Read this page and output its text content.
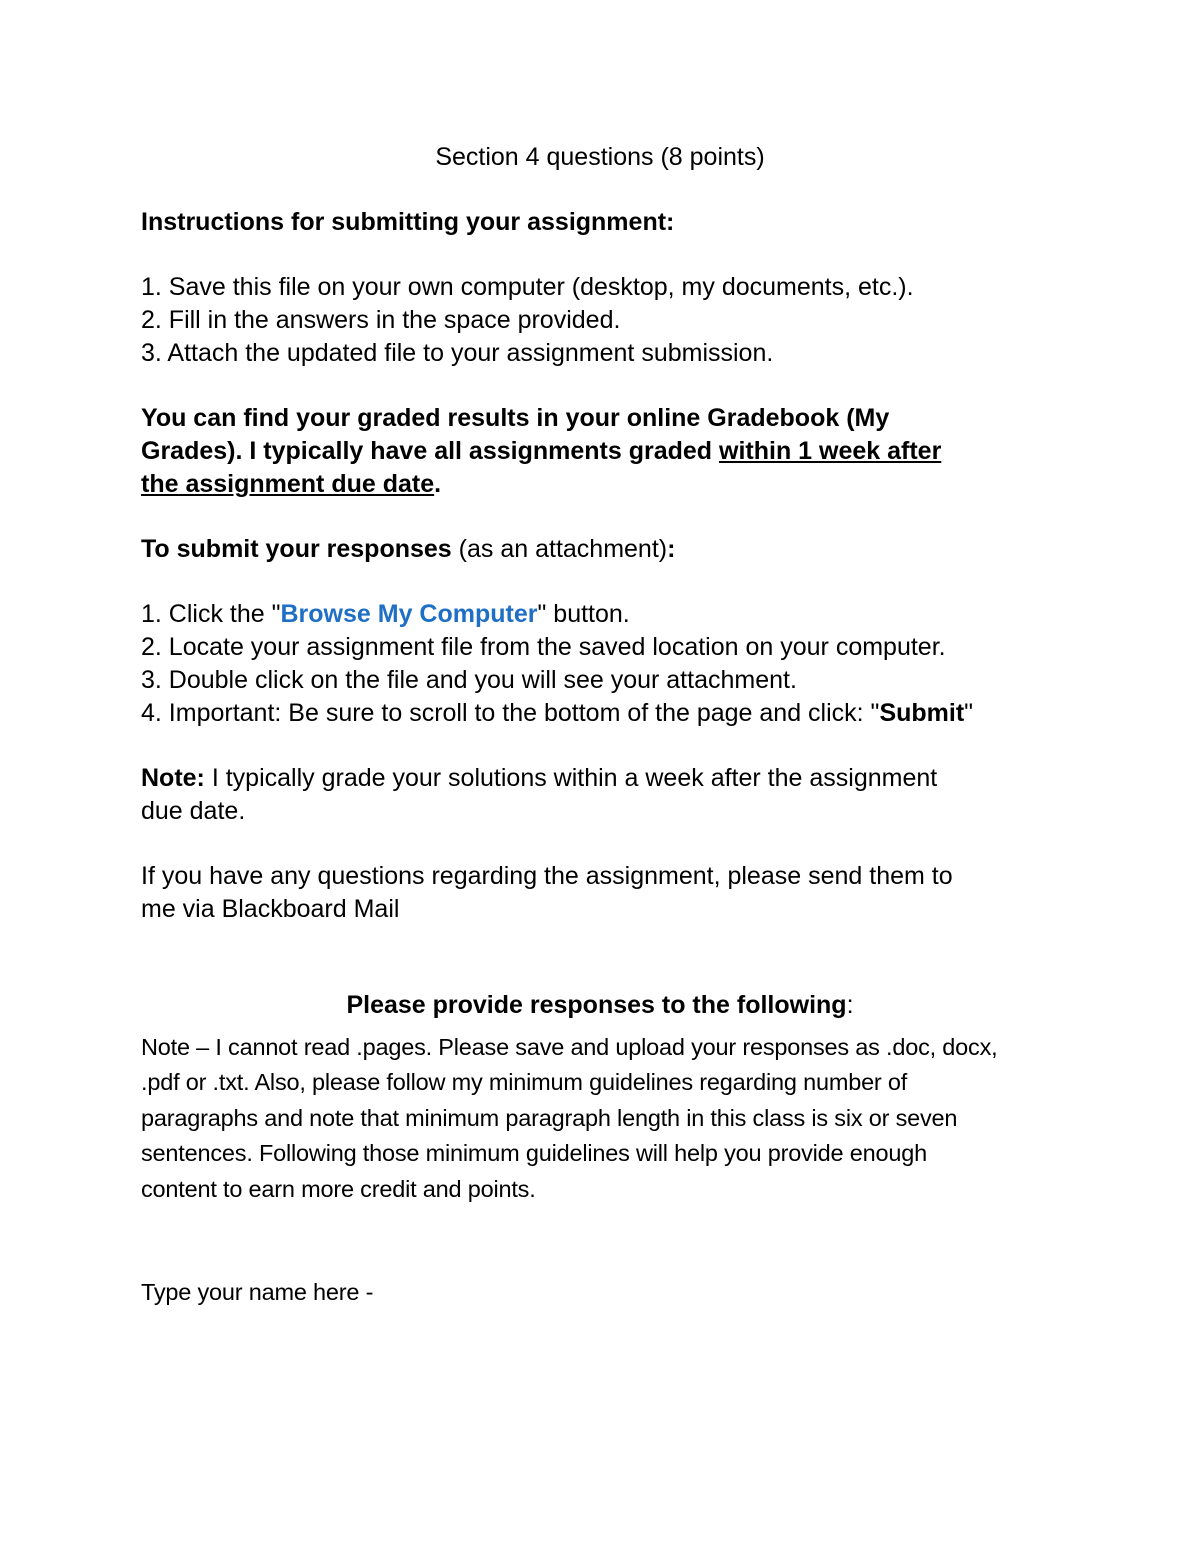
Section 4 questions (8 points)

Instructions for submitting your assignment:

1. Save this file on your own computer (desktop, my documents, etc.).

2. Fill in the answers in the space provided.

3. Attach the updated file to your assignment submission.

You can find your graded results in your online Gradebook (My

Grades). I typically have all assignments graded within 1 week after

the assignment due date.

To submit your responses (as an attachment):

1. Click the "Browse My Computer" button.

2. Locate your assignment file from the saved location on your computer.

3. Double click on the file and you will see your attachment.

4. Important: Be sure to scroll to the bottom of the page and click: "Submit"

Note: I typically grade your solutions within a week after the assignment

due date.

If you have any questions regarding the assignment, please send them to

me via Blackboard Mail

Please provide responses to the following:

Note – I cannot read .pages. Please save and upload your responses as .doc, docx,

.pdf or .txt. Also, please follow my minimum guidelines regarding number of

paragraphs and note that minimum paragraph length in this class is six or seven

sentences. Following those minimum guidelines will help you provide enough

content to earn more credit and points.

Type your name here -
